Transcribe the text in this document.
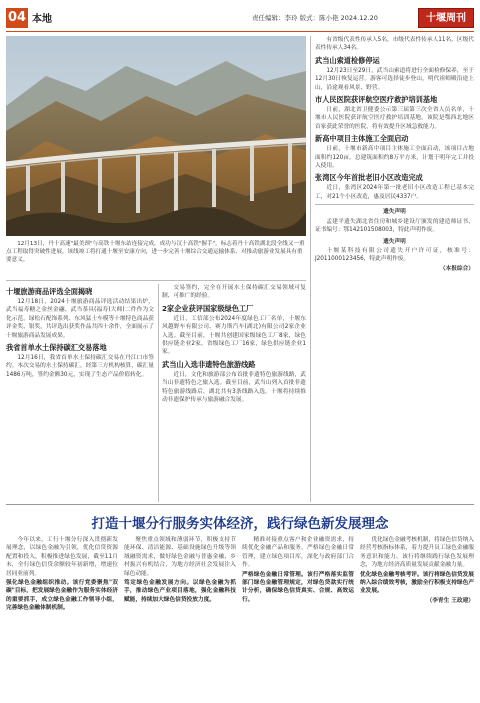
04 本地	责任编辑：李玲 版式：陈小艳 2024.12.20	十堰周刊
12月13日，丹十高速"最美颈"与高铁十堰东站连接完成，成功与汉十高铁"握手"，标志着丹十高铁湖北段全线又一重点工程取得突破性进展。该线竣工将打通十堰至安康方向，进一步完善十堰综合交通运输体系，对推动旅游业发展具有重要意义。
十堰旅游商品评选全面揭晓

12月18日，2024十堰旅游商品评选活动结果出炉，武当福寿糖之金丝金翮、武当茶具(福寿)大师)二件作为文化示范，绿松石配饰系列、东风猛士车模等十堰特色商品获评金奖、银奖，共评选出获奖作品共四十余件，全面展示了十堰旅游商品发展成果。

我省首单水土保持碳汇交易落地

12月16日，我省首单水土保持碳汇交易在丹江口市签约。本次交易的水土保持碳汇，经第三方机构核算，碳汇量1486万吨，签约金额30元，实现了生态产品价值转化。

交易签约，完全在开展水土保持碳汇交易领域可复制、可推广的经验。

2家企业获评国家级绿色工厂

近日，工信部公布2024年度绿色工厂名单，十堰东风越野车有限公司、赛力斯汽车(湖北)有限公司2家企业入选。截至目前，十堰共创建国家级绿色工厂8家，绿色供应链企业2家，省级绿色工厂16家，绿色供应链企业1家。

武当山入选非遗特色旅游线路

近日，文化和旅游部公布首批非遗特色旅游线路，武当山非遗特色之旅入选。截至目前，武当山列入首批非遗特色旅游线路后，湖北共有3条线路入选。十堰将持续推动非遗保护传承与旅游融合发展。

有省级代表性传承人5名，市级代表性传承人11名，区级代表性传承人34名。

武当山索道检修停运

12月23日至29日，武当山索道将进行全面检修保养，至于12月30日恢复运营。游客可选择徒步登山，明代祖师殿沿途上山，沿途观看风景、野营。

市人民医院获评航空医疗救护培训基地

日前，湖北省卫健委公示第三届第三次全省人员名单，十堰市人民医院获评航空医疗救护培训基地。该院是鄂西北地区首家获此荣誉的医院，将有效提升区域急救能力。

新高中项目主体施工全面启动

日前，十堰市新高中项目主体施工全面启动，该项目占地面积约120亩，总建筑面积约8万平方米，计划于明年完工并投入使用。

张湾区今年首批老旧小区改造完成

近日，张湾区2024年第一批老旧小区改造工程已基本完工，对21个小区改造，惠及居民4337户。

遗失声明

孟建平遗失湖北省住房和城乡建设厅颁发的建造师证书，证书编号：鄂142101508003，特此声明作废。

遗失声明

十堰某科技有限公司遗失开户许可证，核准号：J2011000123456，特此声明作废。

（本报综合）

打造十堰分行服务实体经济，践行绿色新发展理念

今年以来，工行十堰分行深入贯彻新发展理念，以绿色金融为引领，优化信贷资源配置和投入，积极推进绿色发展，截至11月末，全行绿色信贷余额较年初新增，增速位居同业前列。

强化绿色金融组织推动。该行党委聚焦"双碳"目标，把发展绿色金融作为服务实体经济的重要抓手，成立绿色金融工作领导小组，完善绿色金融体制机制。

聚焦重点领域和薄弱环节，积极支持节能环保、清洁能源、基础设施绿色升级等领域融资需求，做好绿色金融与普惠金融、乡村振兴有机结合，为地方经济社会发展注入绿色动能。

笃定绿色金融发展方向。以绿色金融为抓手，推动绿色产业项目落地，强化金融科技赋能，持续加大绿色信贷投放力度。

精准对接重点客户和企业融资需求，持续优化金融产品和服务。严格绿色金融日常管理，建立绿色项目库，深化与政府部门合作。

严格绿色金融日常管理。该行严格落实监管部门绿色金融管理规定，对绿色贷款实行统计分析，确保绿色信贷真实、合规、高效运行。

优化绿色金融考核机制，将绿色信贷纳入经营考核指标体系，着力提升员工绿色金融服务意识和能力。该行将继续践行绿色发展理念，为地方经济高质量发展贡献金融力量。

优化绿色金融考核考评。该行将绿色信贷发展纳入综合绩效考核，激励全行积极支持绿色产业发展。

（李青生 王政建）
